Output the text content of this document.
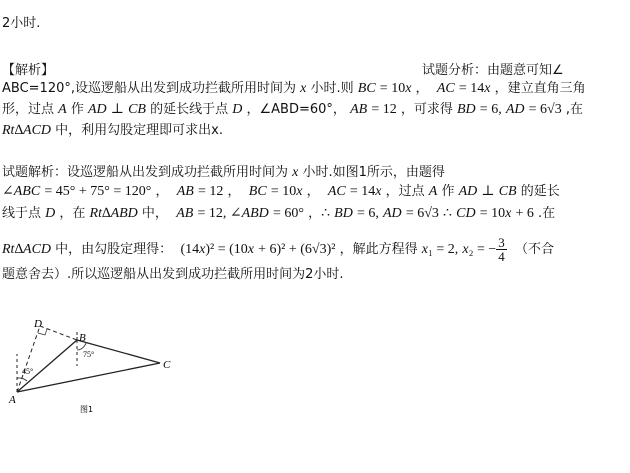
2小时.
【解析】	试题分析：由题意可知∠
ABC=120°,设巡逻船从出发到成功拦截所用时间为 x 小时.则 BC = 10x ，  AC = 14x ，建立直角三角
形，过点 A 作 AD ⊥ CB 的延长线于点 D ，∠ABD=60°， AB = 12 ，可求得 BD = 6, AD = 6√3 ,在
Rt∆ACD 中，利用勾股定理即可求出x.
试题解析：设巡逻船从出发到成功拦截所用时间为 x 小时.如图1所示，由题得
∠ABC = 45° + 75° = 120° ，  AB = 12 ，  BC = 10x ，  AC = 14x ，过点 A 作 AD ⊥ CB 的延长
线于点 D ，在 Rt∆ABD 中，  AB = 12, ∠ABD = 60° ，∴ BD = 6, AD = 6√3 ∴ CD = 10x + 6 .在
Rt∆ACD 中，由勾股定理得：  (14x)² = (10x + 6)² + (6√3)² ，解此方程得 x₁ = 2, x₂ = − $\frac{3}{4}$ （不合
题意舍去）.所以巡逻船从出发到成功拦截所用时间为2小时.
D
B
C
A
45°
75°
图1
